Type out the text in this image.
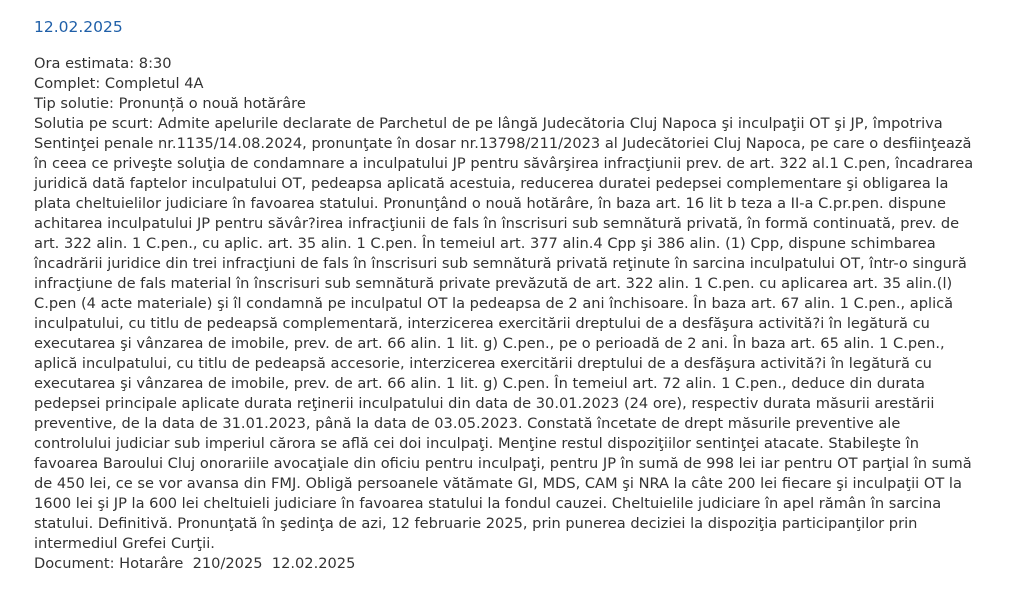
12.02.2025
Ora estimata: 8:30
Complet: Completul 4A
Tip solutie: Pronunță o nouă hotărâre
Solutia pe scurt: Admite apelurile declarate de Parchetul de pe lângă Judecătoria Cluj Napoca şi inculpaţii OT şi JP, împotriva Sentinţei penale nr.1135/14.08.2024, pronunţate în dosar nr.13798/211/2023 al Judecătoriei Cluj Napoca, pe care o desfiinţează în ceea ce priveşte soluţia de condamnare a inculpatului JP pentru săvârşirea infracţiunii prev. de art. 322 al.1 C.pen, încadrarea juridică dată faptelor inculpatului OT, pedeapsa aplicată acestuia, reducerea duratei pedepsei complementare şi obligarea la plata cheltuielilor judiciare în favoarea statului. Pronunţând o nouă hotărâre, în baza art. 16 lit b teza a II-a C.pr.pen. dispune achitarea inculpatului JP pentru săvâr?irea infracţiunii de fals în înscrisuri sub semnătură privată, în formă continuată, prev. de art. 322 alin. 1 C.pen., cu aplic. art. 35 alin. 1 C.pen. În temeiul art. 377 alin.4 Cpp şi 386 alin. (1) Cpp, dispune schimbarea încadrării juridice din trei infracţiuni de fals în înscrisuri sub semnătură privată reţinute în sarcina inculpatului OT, într-o singură infracţiune de fals material în înscrisuri sub semnătură private prevăzută de art. 322 alin. 1 C.pen. cu aplicarea art. 35 alin.(l) C.pen (4 acte materiale) şi îl condamnă pe inculpatul OT la pedeapsa de 2 ani închisoare. În baza art. 67 alin. 1 C.pen., aplică inculpatului, cu titlu de pedeapsă complementară, interzicerea exercitării dreptului de a desfăşura activită?i în legătură cu executarea şi vânzarea de imobile, prev. de art. 66 alin. 1 lit. g) C.pen., pe o perioadă de 2 ani. În baza art. 65 alin. 1 C.pen., aplică inculpatului, cu titlu de pedeapsă accesorie, interzicerea exercitării dreptului de a desfăşura activită?i în legătură cu executarea şi vânzarea de imobile, prev. de art. 66 alin. 1 lit. g) C.pen. În temeiul art. 72 alin. 1 C.pen., deduce din durata pedepsei principale aplicate durata reţinerii inculpatului din data de 30.01.2023 (24 ore), respectiv durata măsurii arestării preventive, de la data de 31.01.2023, până la data de 03.05.2023. Constată încetate de drept măsurile preventive ale controlului judiciar sub imperiul cărora se află cei doi inculpaţi. Menţine restul dispoziţiilor sentinţei atacate. Stabileşte în favoarea Baroului Cluj onorariile avocaţiale din oficiu pentru inculpaţi, pentru JP în sumă de 998 lei iar pentru OT parţial în sumă de 450 lei, ce se vor avansa din FMJ. Obligă persoanele vătămate GI, MDS, CAM şi NRA la câte 200 lei fiecare şi inculpaţii OT la 1600 lei şi JP la 600 lei cheltuieli judiciare în favoarea statului la fondul cauzei. Cheltuielile judiciare în apel rămân în sarcina statului. Definitivă. Pronunţată în şedinţa de azi, 12 februarie 2025, prin punerea deciziei la dispoziţia participanţilor prin intermediul Grefei Curţii.
Document: Hotarâre  210/2025  12.02.2025
